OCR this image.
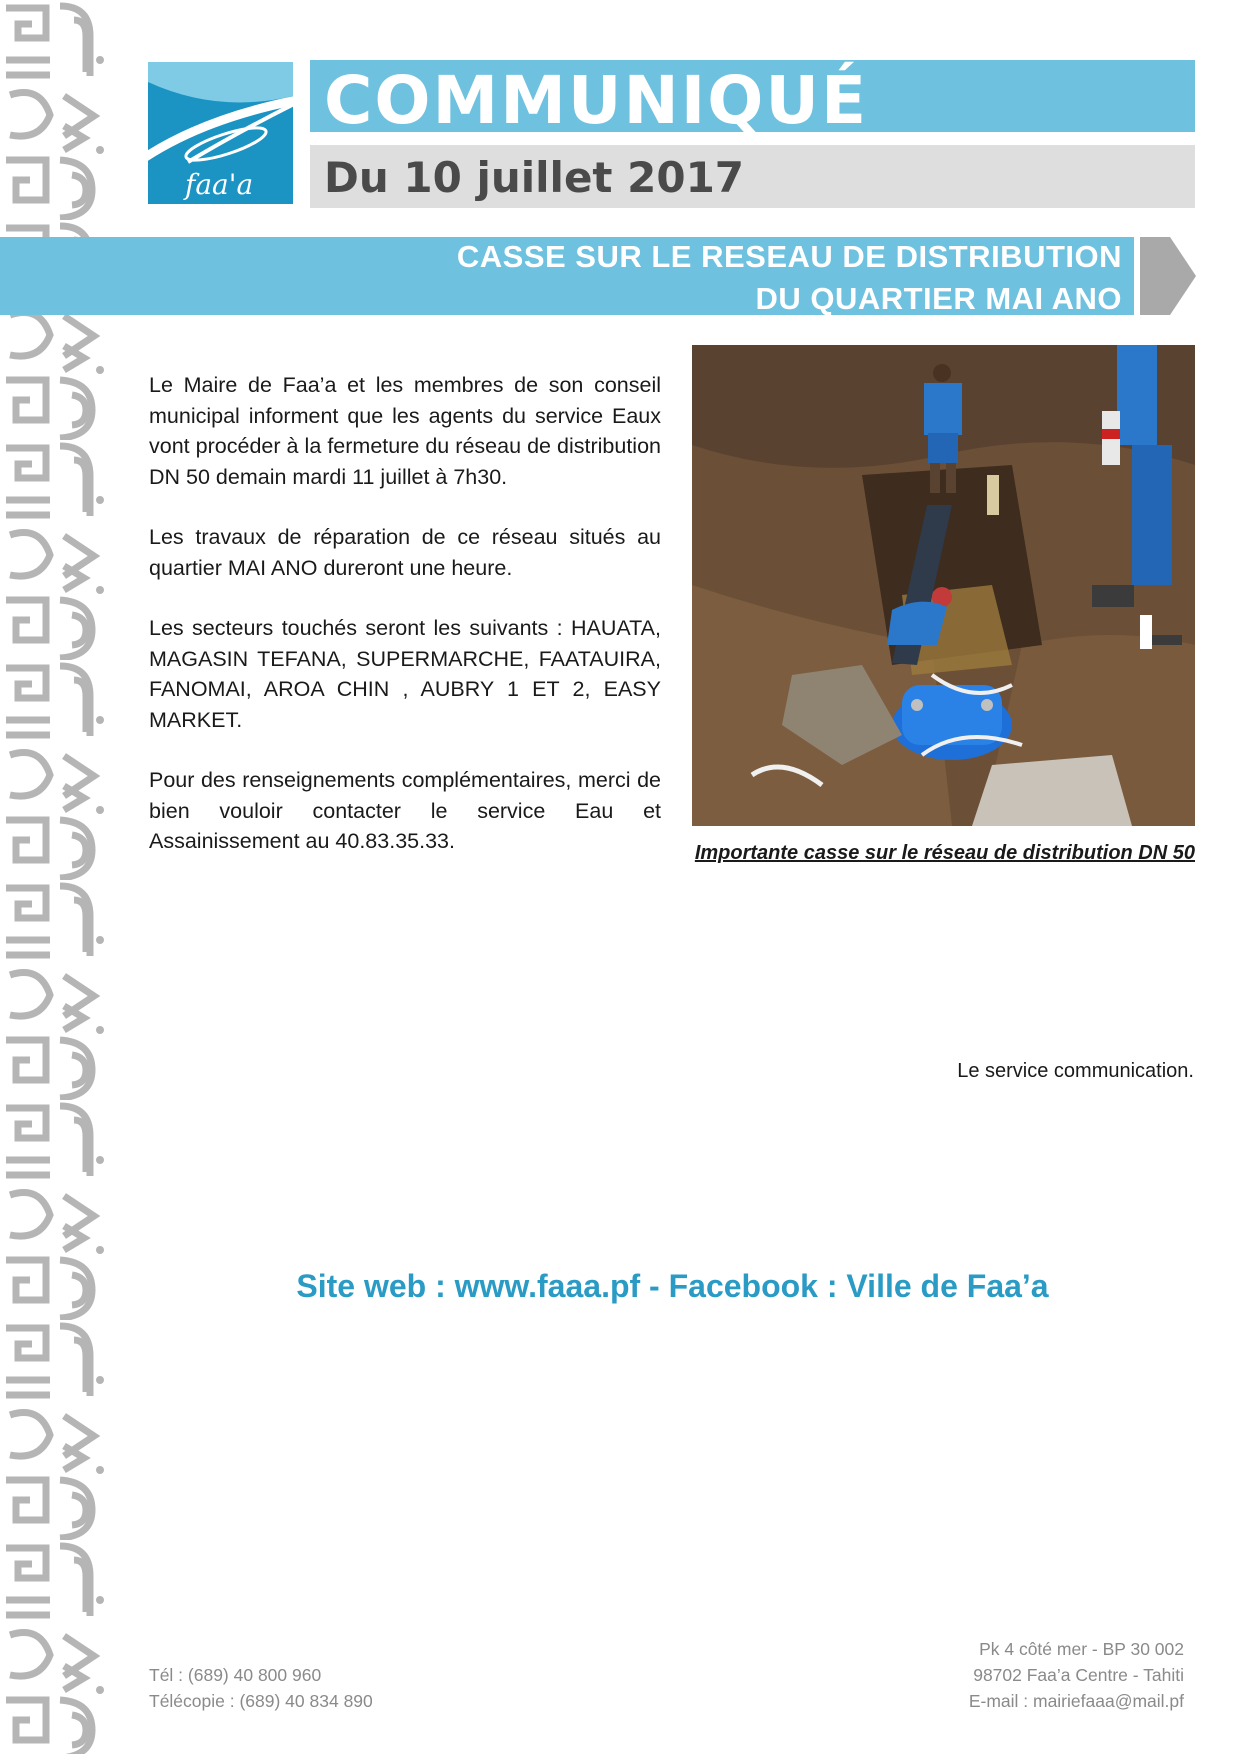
faa'a
COMMUNIQUÉ
Du 10 juillet 2017
CASSE SUR LE RESEAU DE DISTRIBUTION
DU QUARTIER MAI ANO

Le Maire de Faa’a et les membres de son conseil municipal informent que les agents du service Eaux vont procéder à la fermeture du réseau de distribution DN 50 demain mardi 11 juillet à 7h30.

Les travaux de réparation de ce réseau situés au quartier MAI ANO dureront une heure.

Les secteurs touchés seront les suivants : HAUATA, MAGASIN TEFANA, SUPERMARCHE, FAATAUIRA, FANOMAI, AROA CHIN , AUBRY 1 ET 2, EASY MARKET.

Pour des renseignements complémentaires, merci de bien vouloir contacter le service Eau et Assainissement au 40.83.35.33.	Importante casse sur le réseau de distribution DN 50
Le service communication.
Site web : www.faaa.pf - Facebook : Ville de Faa’a
Tél : (689) 40 800 960
Télécopie : (689) 40 834 890
Pk 4 côté mer - BP 30 002
98702 Faa’a Centre - Tahiti
E-mail : mairiefaaa@mail.pf
